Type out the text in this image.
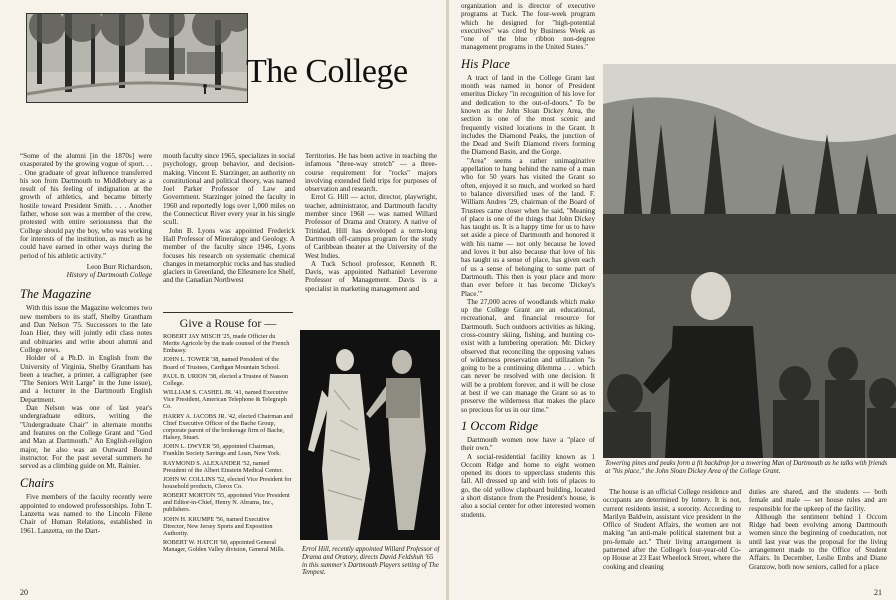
The College
“Some of the alumni [in the 1870s] were exasperated by the growing vogue of sport. . . . One graduate of great influence transferred his son from Dartmouth to Middlebury as a result of his feeling of indignation at the growth of athletics, and became bitterly hostile toward President Smith. . . . Another father, whose son was a member of the crew, protested with entire seriousness that the College should pay the boy, who was working for interests of the institution, as much as he could have earned in other ways during the period of his athletic activity.”
Leon Burr Richardson,
History of Dartmouth College
The Magazine

With this issue the Magazine welcomes two new members to its staff, Shelby Grantham and Dan Nelson '75. Successors to the late Joan Hier, they will jointly edit class notes and obituaries and write about alumni and College news.

Holder of a Ph.D. in English from the University of Virginia, Shelby Grantham has been a teacher, a printer, a calligrapher (see "The Seniors Writ Large" in the June issue), and a lecturer in the Dartmouth English Department.

Dan Nelson was one of last year's undergraduate editors, writing the "Undergraduate Chair" in alternate months and features on the College Grant and "God and Man at Dartmouth." An English-religion major, he also was an Outward Bound instructor. For the past several summers he served as a climbing guide on Mt. Rainier.

Chairs

Five members of the faculty recently were appointed to endowed professorships. John T. Lanzetta was named to the Lincoln Filene Chair of Human Relations, established in 1961. Lanzetta, on the Dart-

mouth faculty since 1965, specializes in social psychology, group behavior, and decision-making. Vincent E. Starzinger, an authority on constitutional and political theory, was named Joel Parker Professor of Law and Government. Starzinger joined the faculty in 1960 and reportedly logs over 1,000 miles on the Connecticut River every year in his single scull.

John B. Lyons was appointed Frederick Hall Professor of Mineralogy and Geology. A member of the faculty since 1946, Lyons focuses his research on systematic chemical changes in metamorphic rocks and has studied glaciers in Greenland, the Ellesmere Ice Shelf, and the Canadian Northwest

Territories. He has been active in teaching the infamous "three-way stretch" — a three-course requirement for "rocks" majors involving extended field trips for purposes of observation and research.

Errol G. Hill — actor, director, playwright, teacher, administrator, and Dartmouth faculty member since 1968 — was named Willard Professor of Drama and Oratory. A native of Trinidad, Hill has developed a term-long Dartmouth off-campus program for the study of Caribbean theater at the University of the West Indies.

A Tuck School professor, Kenneth R. Davis, was appointed Nathaniel Leverone Professor of Management. Davis is a specialist in marketing management and

Give a Rouse for —
ROBERT JAY MISCH '25, made Officier du Merite Agricole by the trade counsel of the French Embassy.
JOHN L. TOWER '38, named President of the Board of Trustees, Cardigan Mountain School.
PAUL B. URION '38, elected a Trustee of Nasson College.
WILLIAM S. CASHEL JR. '41, named Executive Vice President, American Telephone & Telegraph Co.
HARRY A. JACOBS JR. '42, elected Chairman and Chief Executive Officer of the Bache Group, corporate parent of the brokerage firm of Bache, Halsey, Stuart.
JOHN L. DWYER '50, appointed Chairman, Franklin Society Savings and Loan, New York.
RAYMOND S. ALEXANDER '52, named President of the Albert Einstein Medical Center.
JOHN W. COLLINS '52, elected Vice President for household products, Clorox Co.
ROBERT MORTON '55, appointed Vice President and Editor-in-Chief, Henry N. Abrams, Inc., publishers.
JOHN H. KRUMPE '56, named Executive Director, New Jersey Sports and Exposition Authority.
ROBERT W. HATCH '60, appointed General Manager, Golden Valley division, General Mills.	Errol Hill, recently appointed Willard Professor of Drama and Oratory, directs David Feldshuh '65 in this summer's Dartmouth Players setting of The Tempest.
20

organization and is director of executive programs at Tuck. The four-week program which he designed for "high-potential executives" was cited by Business Week as "one of the blue ribbon non-degree management programs in the United States."

His Place

A tract of land in the College Grant last month was named in honor of President emeritus Dickey "in recognition of his love for and dedication to the out-of-doors." To be known as the John Sloan Dickey Area, the section is one of the most scenic and frequently visited locations in the Grant. It includes the Diamond Peaks, the junction of the Dead and Swift Diamond rivers forming the Diamond Basin, and the Gorge.

"Area" seems a rather unimaginative appellation to hang behind the name of a man who for 50 years has visited the Grant so often, enjoyed it so much, and worked so hard to balance diversified uses of the land. F. William Andres '29, chairman of the Board of Trustees came closer when he said, "Meaning of place is one of the things that John Dickey has taught us. It is a happy time for us to have set aside a piece of Dartmouth and honored it with his name — not only because he loved and loves it but also because that love of his has taught us a sense of place, has given each of us a sense of belonging to some part of Dartmouth. This then is your place and more than ever before it has become 'Dickey's Place.'"

The 27,000 acres of woodlands which make up the College Grant are an educational, recreational, and financial resource for Dartmouth. Such outdoors activities as hiking, cross-country skiing, fishing, and hunting co-exist with a lumbering operation. Mr. Dickey observed that reconciling the opposing values of wilderness preservation and utilization "is going to be a continuing dilemma . . . which can never be resolved with one decision. It will be a problem forever, and it will be close at best if we can manage the Grant so as to preserve the wilderness that makes the place so precious for us in our time."

1 Occom Ridge

Dartmouth women now have a "place of their own."

A social-residential facility known as 1 Occom Ridge and home to eight women opened its doors to upperclass students this fall. All dressed up and with lots of places to go, the old yellow clapboard building, located a short distance from the President's house, is also a social center for other interested women students.

Towering pines and peaks form a fit backdrop for a towering Man of Dartmouth as he talks with friends at "his place," the John Sloan Dickey Area of the College Grant.

The house is an official College residence and occupants are determined by lottery. It is not, current residents insist, a sorority. According to Marilyn Baldwin, assistant vice president in the Office of Student Affairs, the women are not making "an anti-male political statement but a pro-female act." Their living arrangement is patterned after the College's four-year-old Co-op House at 23 East Wheelock Street, where the cooking and cleaning

duties are shared, and the students — both female and male — set house rules and are responsible for the upkeep of the facility.

Although the sentiment behind 1 Occom Ridge had been evolving among Dartmouth women since the beginning of coeducation, not until last year was the proposal for the living arrangement made to the Office of Student Affairs. In December, Leslie Embs and Diane Granzow, both now seniors, called for a place

21
